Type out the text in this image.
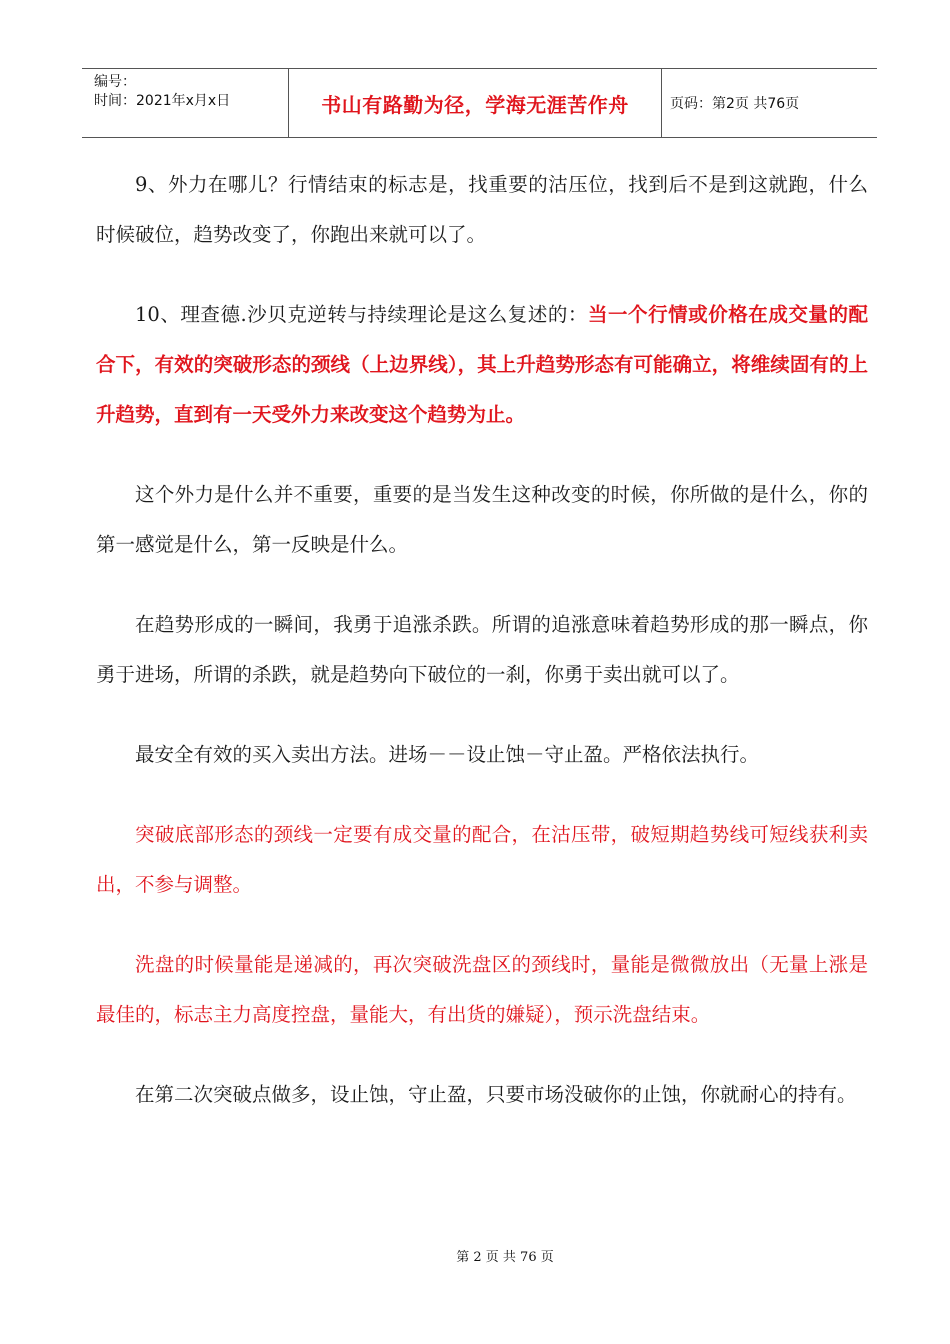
编号：
时间：2021年x月x日	书山有路勤为径，学海无涯苦作舟	页码：第2页 共76页

9、外力在哪儿？行情结束的标志是，找重要的沽压位，找到后不是到这就跑，什么时候破位，趋势改变了，你跑出来就可以了。

10、理查德.沙贝克逆转与持续理论是这么复述的：当一个行情或价格在成交量的配合下，有效的突破形态的颈线（上边界线），其上升趋势形态有可能确立，将维续固有的上升趋势，直到有一天受外力来改变这个趋势为止。

这个外力是什么并不重要，重要的是当发生这种改变的时候，你所做的是什么，你的第一感觉是什么，第一反映是什么。

在趋势形成的一瞬间，我勇于追涨杀跌。所谓的追涨意味着趋势形成的那一瞬点，你勇于进场，所谓的杀跌，就是趋势向下破位的一刹，你勇于卖出就可以了。

最安全有效的买入卖出方法。进场－－设止蚀－守止盈。严格依法执行。

突破底部形态的颈线一定要有成交量的配合，在沽压带，破短期趋势线可短线获利卖出，不参与调整。

洗盘的时候量能是递减的，再次突破洗盘区的颈线时，量能是微微放出（无量上涨是最佳的，标志主力高度控盘，量能大，有出货的嫌疑），预示洗盘结束。

在第二次突破点做多，设止蚀，守止盈，只要市场没破你的止蚀，你就耐心的持有。

第 2 页 共 76 页
